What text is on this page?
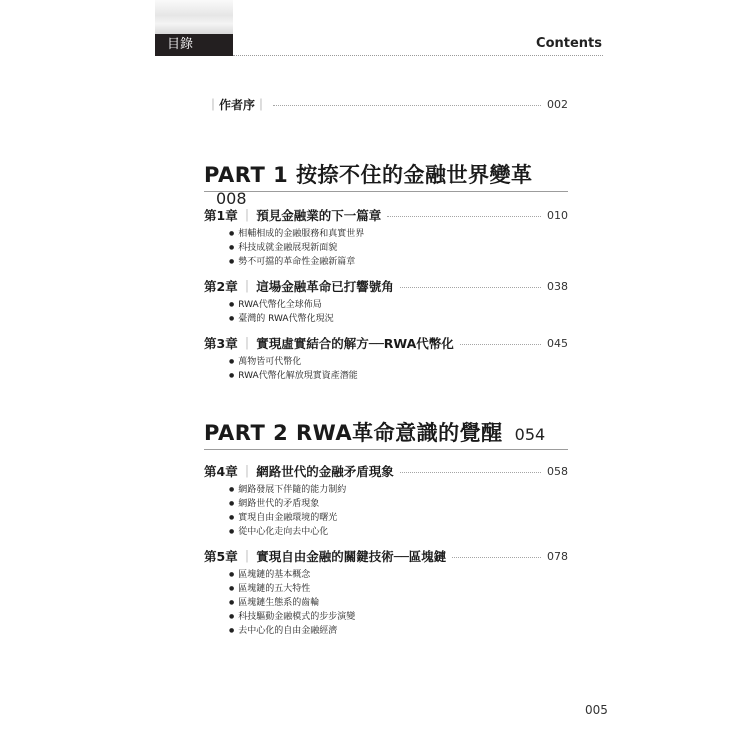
目錄	Contents
｜作者序｜	002
PART 1 按捺不住的金融世界變革008
第1章 ｜ 預見金融業的下一篇章	010
● 相輔相成的金融服務和真實世界
● 科技成就金融展現新面貌
● 勢不可擋的革命性金融新篇章
第2章 ｜ 這場金融革命已打響號角	038
● RWA代幣化全球佈局
● 臺灣的 RWA代幣化現況
第3章 ｜ 實現虛實結合的解方──RWA代幣化	045
● 萬物皆可代幣化
● RWA代幣化解放現實資產潛能
PART 2 RWA革命意識的覺醒 054
第4章 ｜ 網路世代的金融矛盾現象	058
● 網路發展下伴隨的能力制約
● 網路世代的矛盾現象
● 實現自由金融環境的曙光
● 從中心化走向去中心化
第5章 ｜ 實現自由金融的關鍵技術──區塊鏈	078
● 區塊鏈的基本概念
● 區塊鏈的五大特性
● 區塊鏈生態系的齒輪
● 科技驅動金融模式的步步演變
● 去中心化的自由金融經濟
005
